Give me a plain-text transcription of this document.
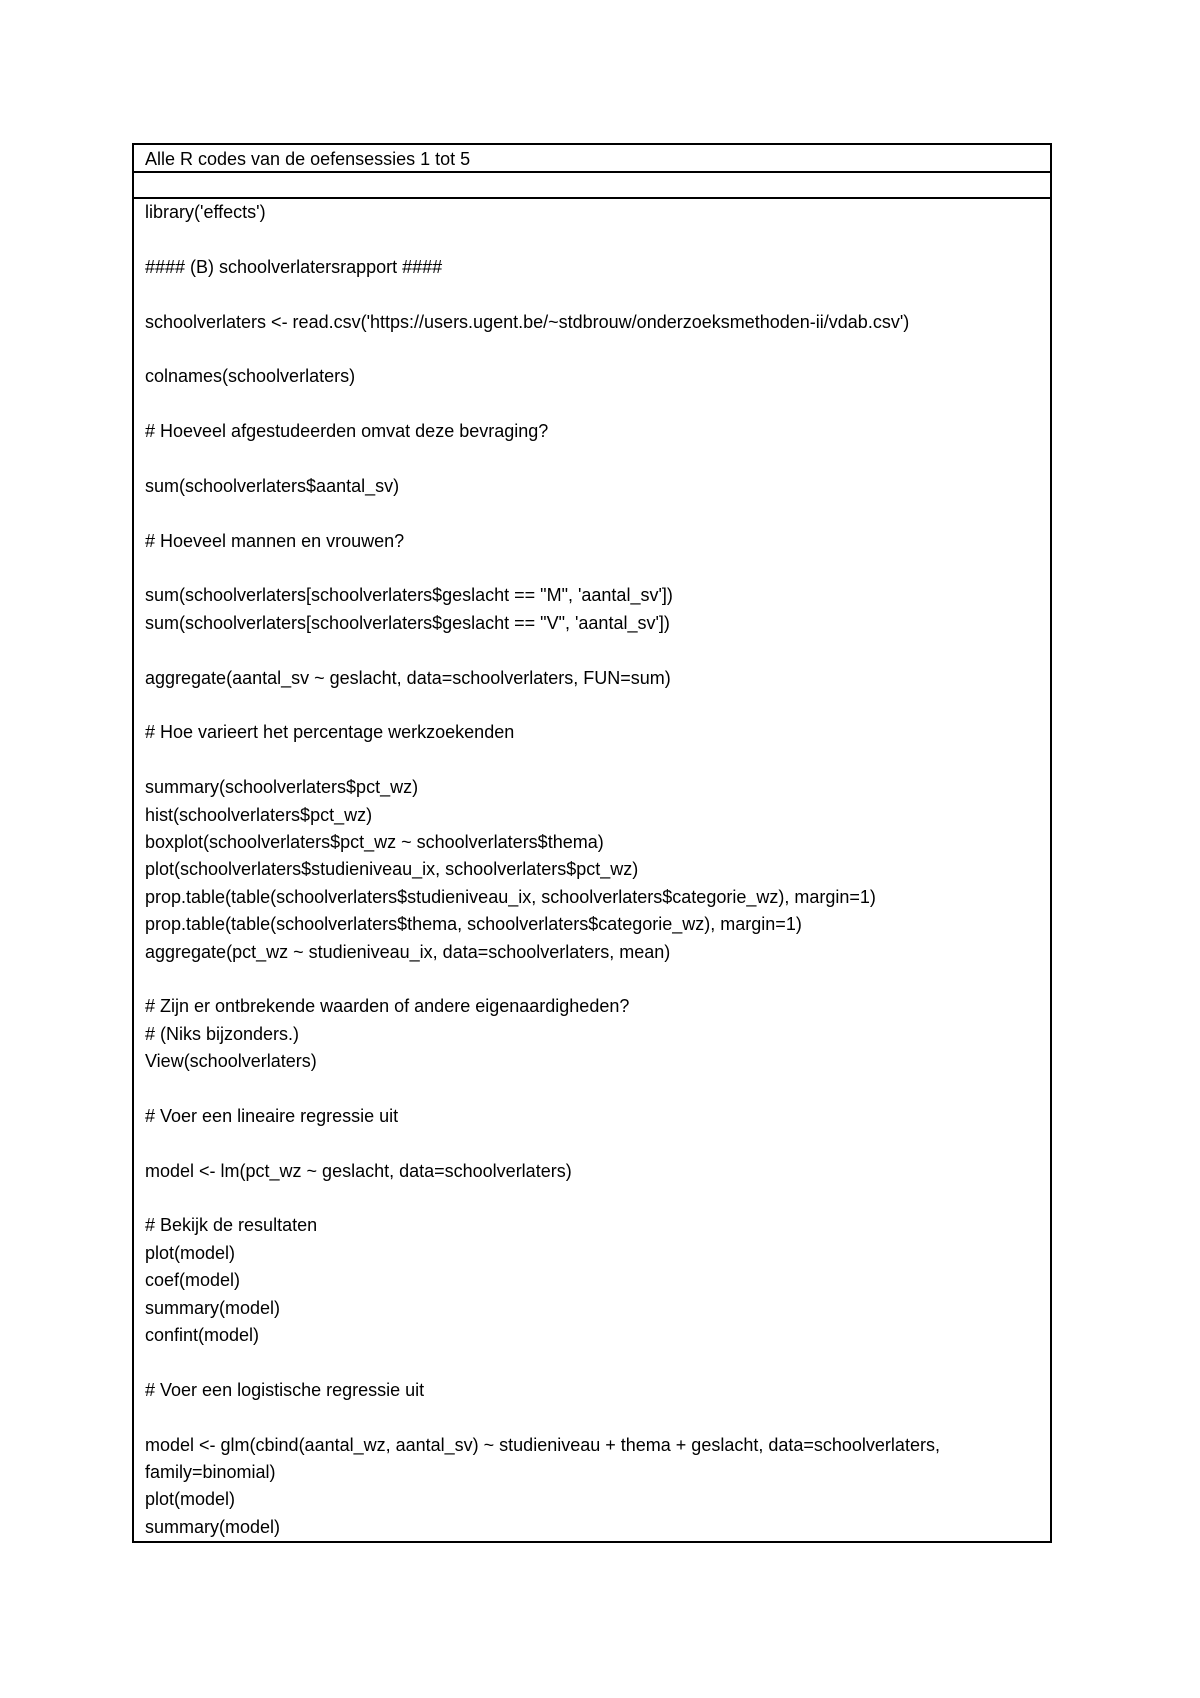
Alle R codes van de oefensessies 1 tot 5
library('effects')
#### (B) schoolverlatersrapport ####
schoolverlaters <- read.csv('https://users.ugent.be/~stdbrouw/onderzoeksmethoden-ii/vdab.csv')
colnames(schoolverlaters)
# Hoeveel afgestudeerden omvat deze bevraging?
sum(schoolverlaters$aantal_sv)
# Hoeveel mannen en vrouwen?
sum(schoolverlaters[schoolverlaters$geslacht == "M", 'aantal_sv'])
sum(schoolverlaters[schoolverlaters$geslacht == "V", 'aantal_sv'])
aggregate(aantal_sv ~ geslacht, data=schoolverlaters, FUN=sum)
# Hoe varieert het percentage werkzoekenden
summary(schoolverlaters$pct_wz)
hist(schoolverlaters$pct_wz)
boxplot(schoolverlaters$pct_wz ~ schoolverlaters$thema)
plot(schoolverlaters$studieniveau_ix, schoolverlaters$pct_wz)
prop.table(table(schoolverlaters$studieniveau_ix, schoolverlaters$categorie_wz), margin=1)
prop.table(table(schoolverlaters$thema, schoolverlaters$categorie_wz), margin=1)
aggregate(pct_wz ~ studieniveau_ix, data=schoolverlaters, mean)
# Zijn er ontbrekende waarden of andere eigenaardigheden?
# (Niks bijzonders.)
View(schoolverlaters)
# Voer een lineaire regressie uit
model <- lm(pct_wz ~ geslacht, data=schoolverlaters)
# Bekijk de resultaten
plot(model)
coef(model)
summary(model)
confint(model)
# Voer een logistische regressie uit
model <- glm(cbind(aantal_wz, aantal_sv) ~ studieniveau + thema + geslacht, data=schoolverlaters,
family=binomial)
plot(model)
summary(model)
